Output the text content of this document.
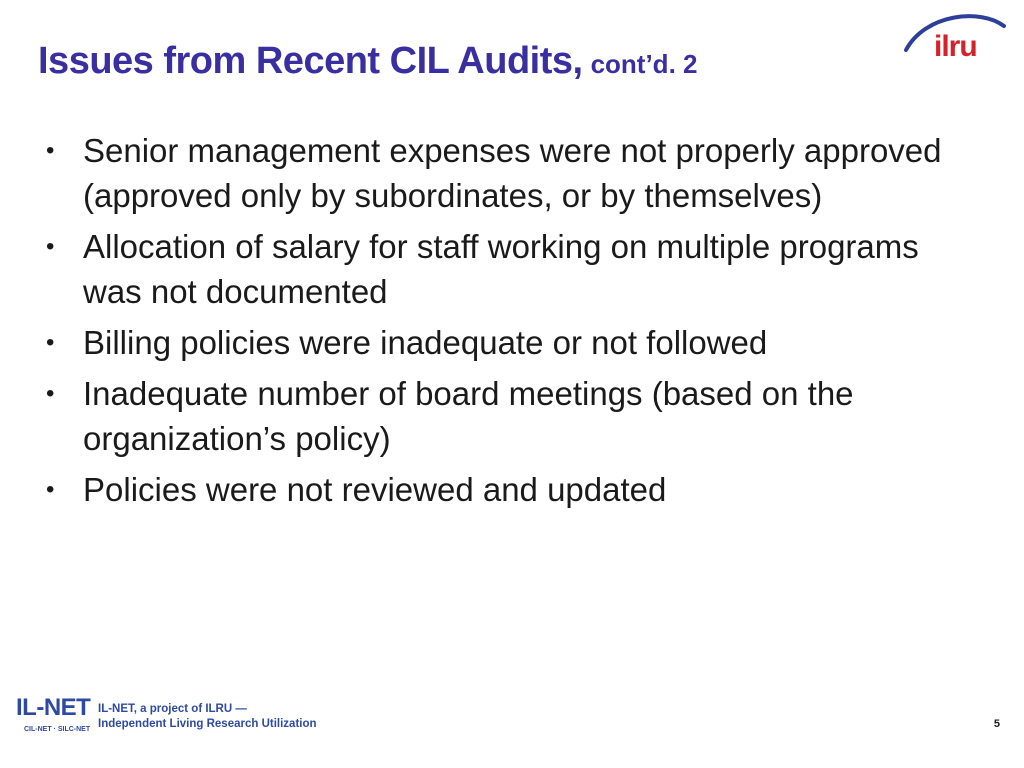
Issues from Recent CIL Audits, cont’d. 2
ilru
• Senior management expenses were not properly approved (approved only by subordinates, or by themselves)
• Allocation of salary for staff working on multiple programs was not documented
• Billing policies were inadequate or not followed
• Inadequate number of board meetings (based on the organization’s policy)
• Policies were not reviewed and updated
IL-NET
CIL-NET · SILC-NET
IL-NET, a project of ILRU —
Independent Living Research Utilization	5
